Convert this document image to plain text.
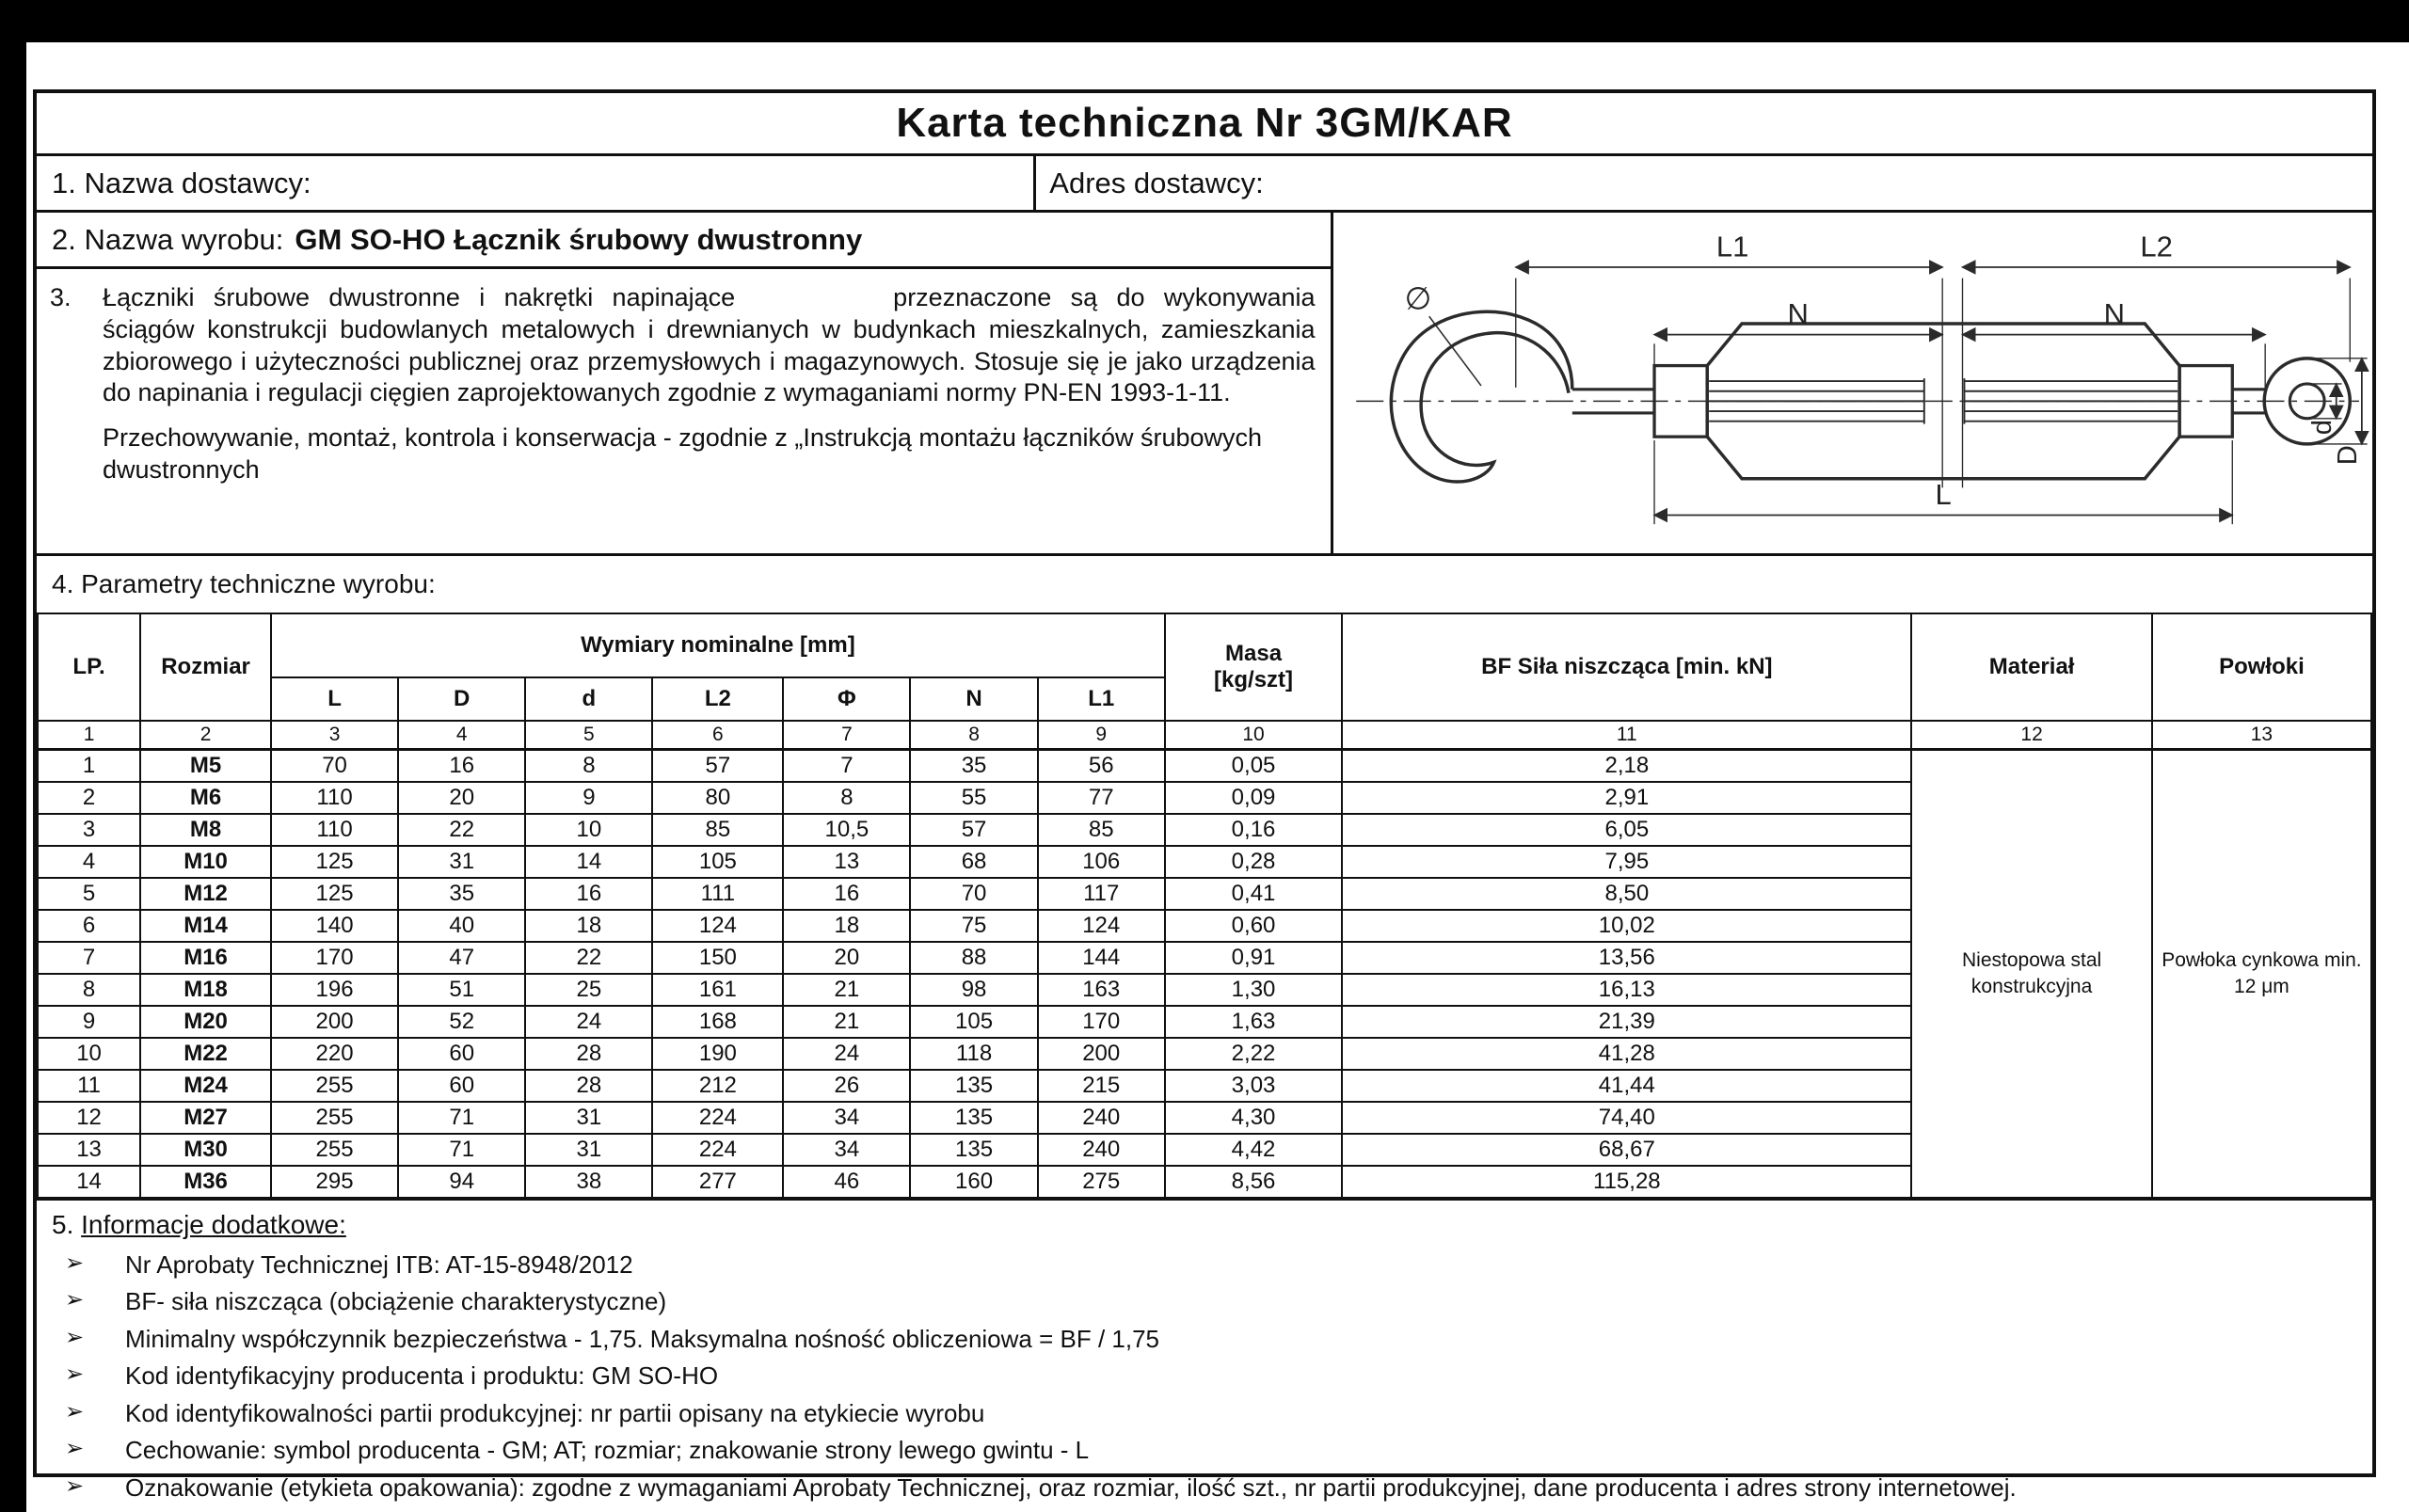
Karta techniczna Nr 3GM/KAR
1. Nazwa dostawcy:	Adres dostawcy:
2. Nazwa wyrobu: GM SO-HO Łącznik śrubowy dwustronny
3.	Łączniki śrubowe dwustronne i nakrętki napinające	przeznaczone są do wykonywania ściągów konstrukcji budowlanych metalowych i drewnianych w budynkach mieszkalnych, zamieszkania zbiorowego i użyteczności publicznej oraz przemysłowych i magazynowych. Stosuje się je jako urządzenia do napinania i regulacji cięgien zaprojektowanych zgodnie z wymaganiami normy PN-EN 1993-1-11.

Przechowywanie, montaż, kontrola i konserwacja - zgodnie z „Instrukcją montażu łączników śrubowych dwustronnych

L1	L2
N	N
L
d
D
∅
4. Parametry techniczne wyrobu:
LP.	Rozmiar	Wymiary nominalne [mm]							Masa
[kg/szt]	BF Siła niszcząca [min. kN]	Materiał	Powłoki
		L	D	d	L2	Φ	N	L1				
1	2	3	4	5	6	7	8	9	10	11	12	13
1	M5	70	16	8	57	7	35	56	0,05	2,18	Niestopowa stal konstrukcyjna	Powłoka cynkowa min. 12 μm
2	M6	110	20	9	80	8	55	77	0,09	2,91		
3	M8	110	22	10	85	10,5	57	85	0,16	6,05		
4	M10	125	31	14	105	13	68	106	0,28	7,95		
5	M12	125	35	16	111	16	70	117	0,41	8,50		
6	M14	140	40	18	124	18	75	124	0,60	10,02		
7	M16	170	47	22	150	20	88	144	0,91	13,56		
8	M18	196	51	25	161	21	98	163	1,30	16,13		
9	M20	200	52	24	168	21	105	170	1,63	21,39		
10	M22	220	60	28	190	24	118	200	2,22	41,28		
11	M24	255	60	28	212	26	135	215	3,03	41,44		
12	M27	255	71	31	224	34	135	240	4,30	74,40		
13	M30	255	71	31	224	34	135	240	4,42	68,67		
14	M36	295	94	38	277	46	160	275	8,56	115,28		
5. Informacje dodatkowe:
➢	Nr Aprobaty Technicznej ITB: AT-15-8948/2012
➢	BF- siła niszcząca (obciążenie charakterystyczne)
➢	Minimalny współczynnik bezpieczeństwa - 1,75. Maksymalna nośność obliczeniowa = BF / 1,75
➢	Kod identyfikacyjny producenta i produktu: GM SO-HO
➢	Kod identyfikowalności partii produkcyjnej: nr partii opisany na etykiecie wyrobu
➢	Cechowanie: symbol producenta - GM; AT; rozmiar; znakowanie strony lewego gwintu - L
➢	Oznakowanie (etykieta opakowania): zgodne z wymaganiami Aprobaty Technicznej, oraz rozmiar, ilość szt., nr partii produkcyjnej, dane producenta i adres strony internetowej.
